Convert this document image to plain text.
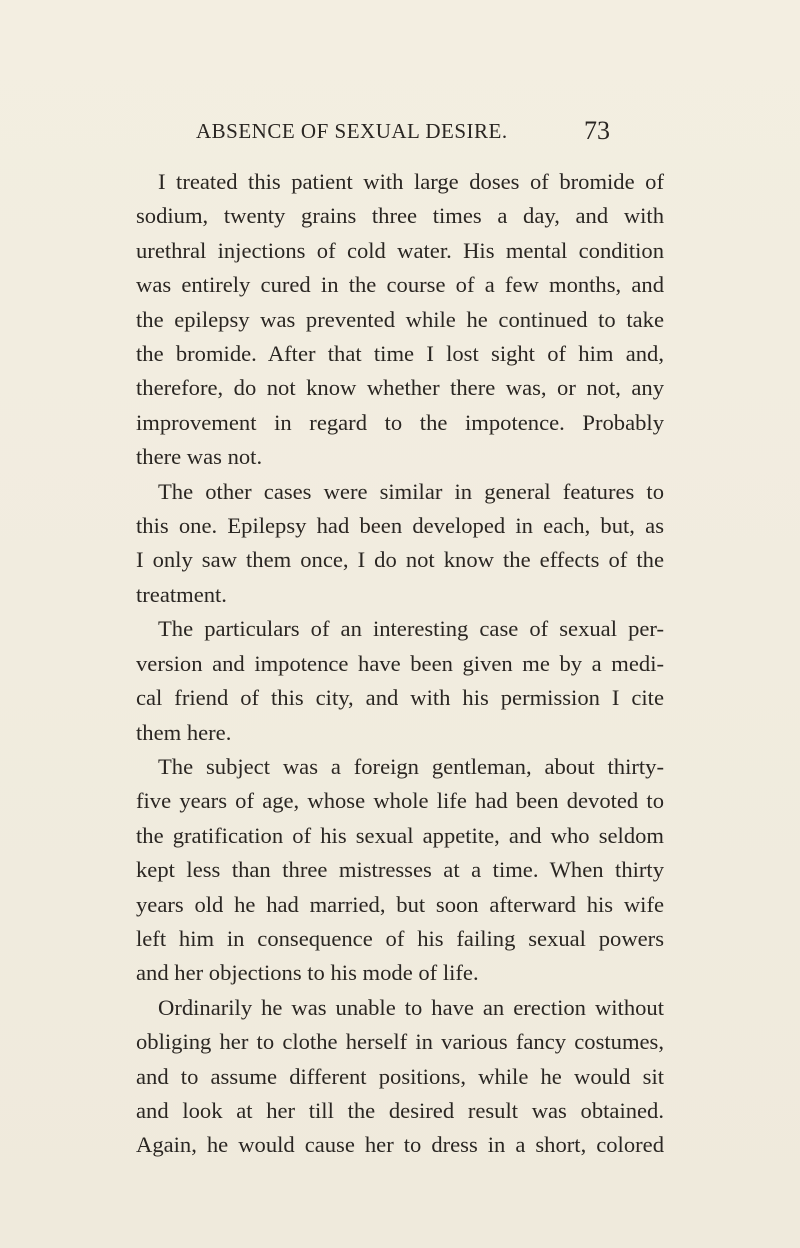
ABSENCE OF SEXUAL DESIRE.	73

I treated this patient with large doses of bromide of
sodium, twenty grains three times a day, and with
urethral injections of cold water. His mental condition
was entirely cured in the course of a few months, and
the epilepsy was prevented while he continued to take
the bromide. After that time I lost sight of him and,
therefore, do not know whether there was, or not, any
improvement in regard to the impotence. Probably
there was not.

The other cases were similar in general features to
this one. Epilepsy had been developed in each, but, as
I only saw them once, I do not know the effects of the
treatment.

The particulars of an interesting case of sexual per-
version and impotence have been given me by a medi-
cal friend of this city, and with his permission I cite
them here.

The subject was a foreign gentleman, about thirty-
five years of age, whose whole life had been devoted to
the gratification of his sexual appetite, and who seldom
kept less than three mistresses at a time. When thirty
years old he had married, but soon afterward his wife
left him in consequence of his failing sexual powers
and her objections to his mode of life.

Ordinarily he was unable to have an erection without
obliging her to clothe herself in various fancy costumes,
and to assume different positions, while he would sit
and look at her till the desired result was obtained.
Again, he would cause her to dress in a short, colored
